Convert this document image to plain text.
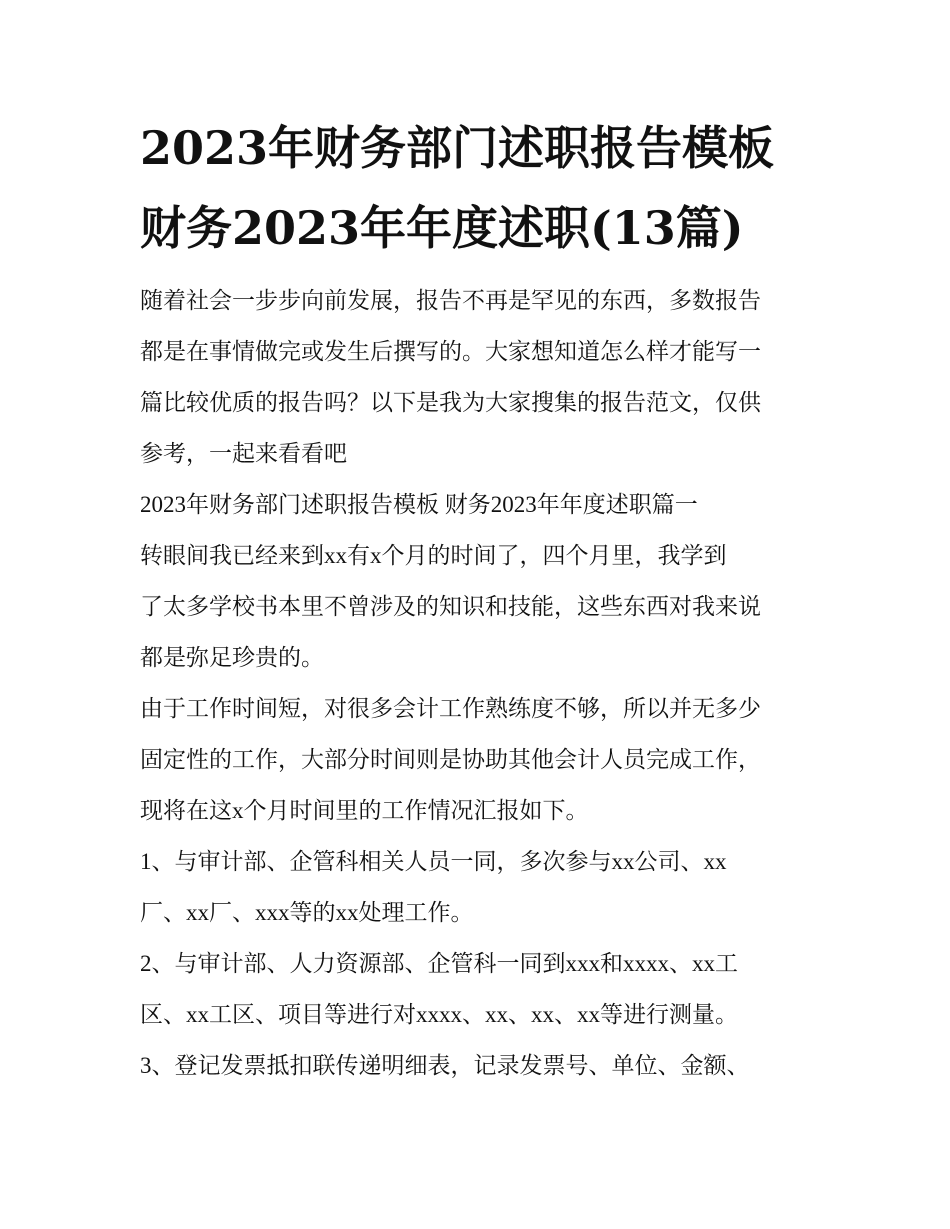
2023年财务部门述职报告模板
财务2023年年度述职(13篇)
随着社会一步步向前发展，报告不再是罕见的东西，多数报告
都是在事情做完或发生后撰写的。大家想知道怎么样才能写一
篇比较优质的报告吗？以下是我为大家搜集的报告范文，仅供
参考，一起来看看吧
2023年财务部门述职报告模板 财务2023年年度述职篇一
转眼间我已经来到xx有x个月的时间了，四个月里，我学到
了太多学校书本里不曾涉及的知识和技能，这些东西对我来说
都是弥足珍贵的。
由于工作时间短，对很多会计工作熟练度不够，所以并无多少
固定性的工作，大部分时间则是协助其他会计人员完成工作，
现将在这x个月时间里的工作情况汇报如下。
1、与审计部、企管科相关人员一同，多次参与xx公司、xx
厂、xx厂、xxx等的xx处理工作。
2、与审计部、人力资源部、企管科一同到xxx和xxxx、xx工
区、xx工区、项目等进行对xxxx、xx、xx、xx等进行测量。
3、登记发票抵扣联传递明细表，记录发票号、单位、金额、
